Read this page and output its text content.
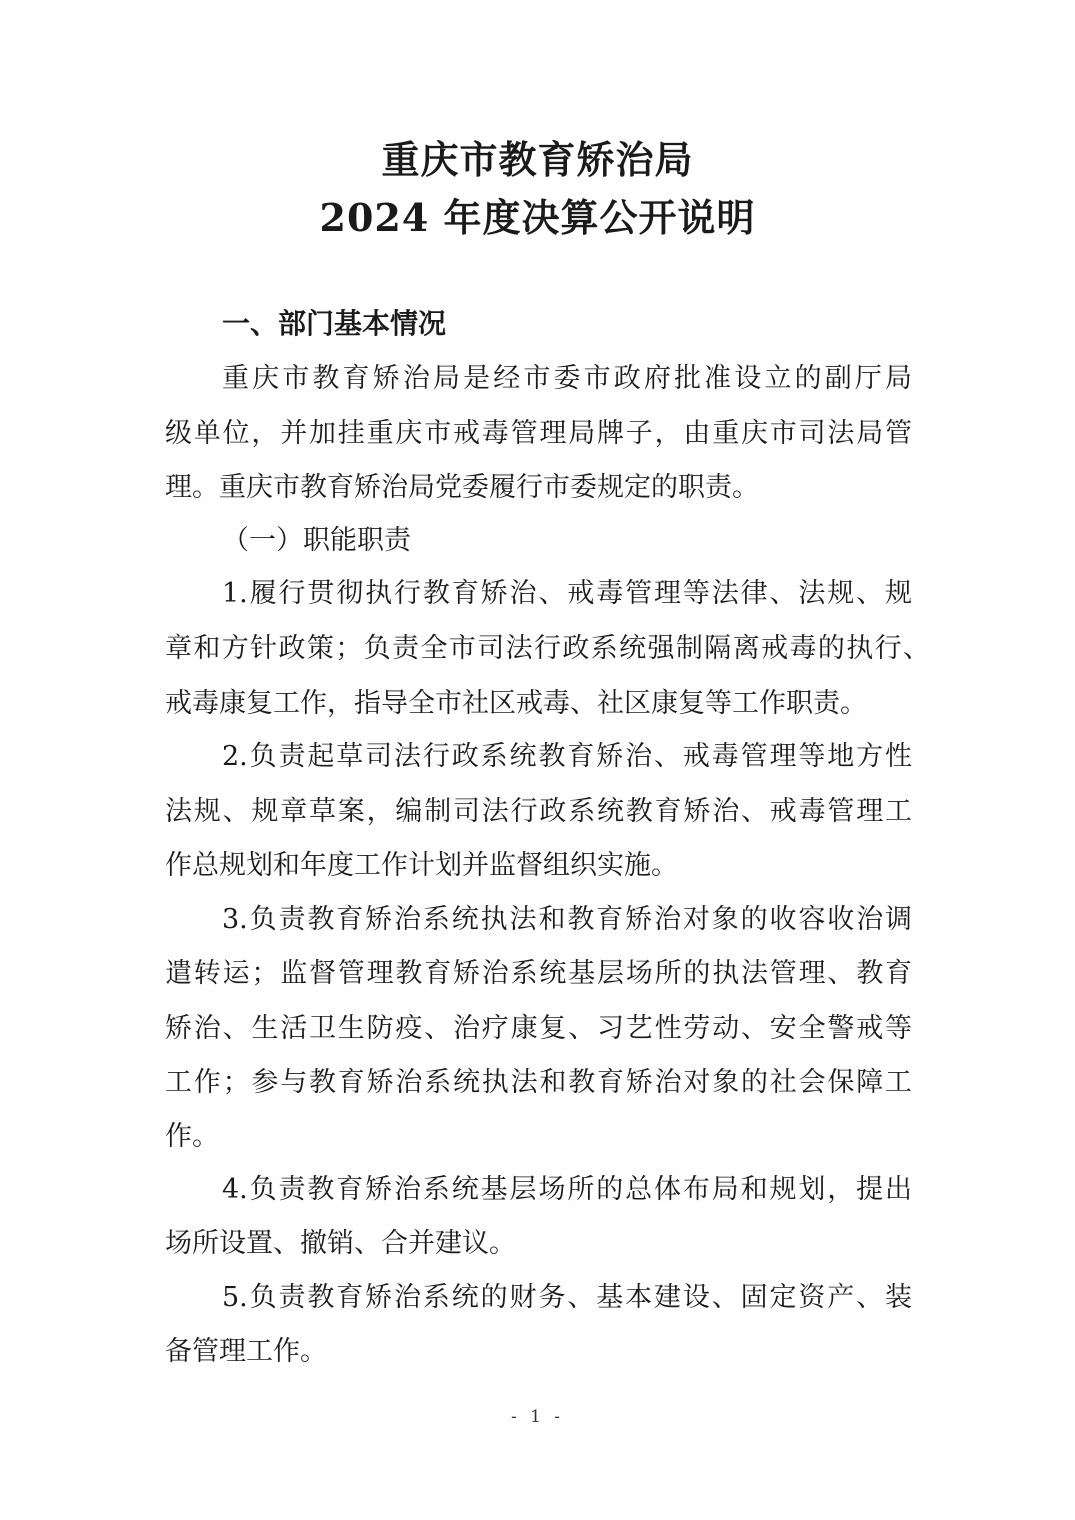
重庆市教育矫治局
2024 年度决算公开说明
一、部门基本情况
重庆市教育矫治局是经市委市政府批准设立的副厅局
级单位，并加挂重庆市戒毒管理局牌子，由重庆市司法局管
理。重庆市教育矫治局党委履行市委规定的职责。
（一）职能职责
1.履行贯彻执行教育矫治、戒毒管理等法律、法规、规
章和方针政策；负责全市司法行政系统强制隔离戒毒的执行、
戒毒康复工作，指导全市社区戒毒、社区康复等工作职责。
2.负责起草司法行政系统教育矫治、戒毒管理等地方性
法规、规章草案，编制司法行政系统教育矫治、戒毒管理工
作总规划和年度工作计划并监督组织实施。
3.负责教育矫治系统执法和教育矫治对象的收容收治调
遣转运；监督管理教育矫治系统基层场所的执法管理、教育
矫治、生活卫生防疫、治疗康复、习艺性劳动、安全警戒等
工作；参与教育矫治系统执法和教育矫治对象的社会保障工
作。
4.负责教育矫治系统基层场所的总体布局和规划，提出
场所设置、撤销、合并建议。
5.负责教育矫治系统的财务、基本建设、固定资产、装
备管理工作。
- 1 -
